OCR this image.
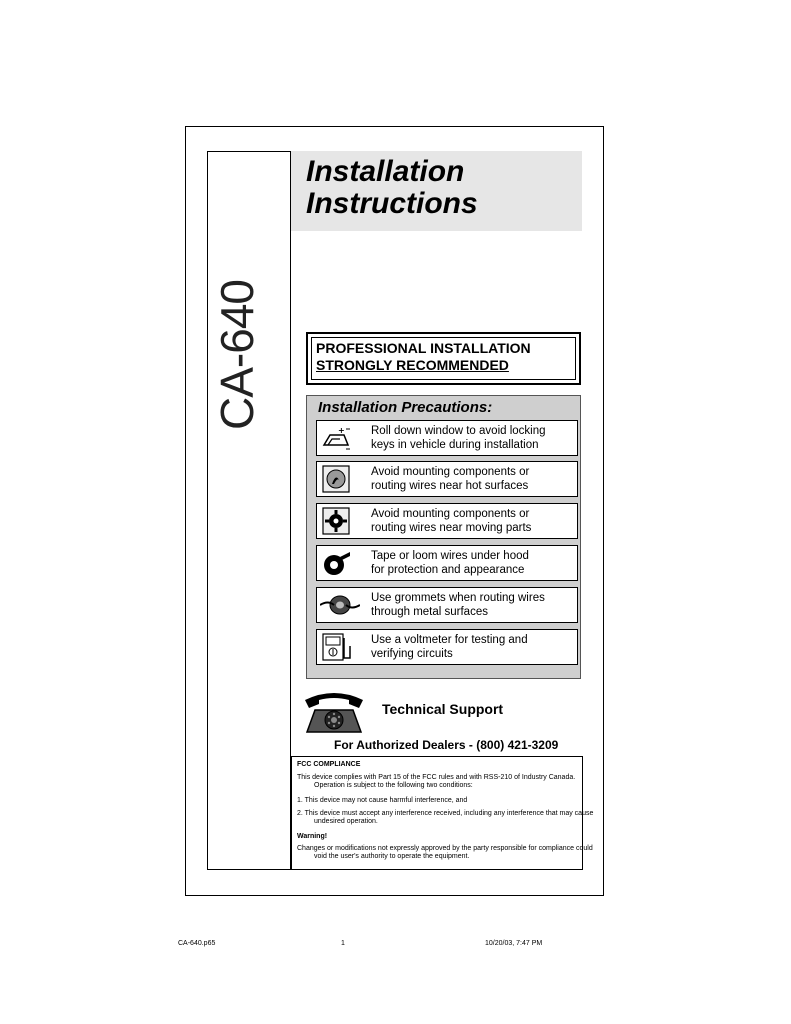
CA-640
Installation
Instructions
PROFESSIONAL INSTALLATION
STRONGLY RECOMMENDED
Installation Precautions:
+ Roll down window to avoid locking
keys in vehicle during installation
Avoid mounting components or
routing wires near hot surfaces
Avoid mounting components or
routing wires near moving parts
Tape or loom wires under hood
for protection and appearance
Use grommets when routing wires
through metal surfaces
Use a voltmeter for testing and
verifying circuits
Technical Support
For Authorized Dealers - (800) 421-3209
FCC COMPLIANCE
This device complies with Part 15 of the FCC rules and with RSS-210 of Industry Canada. Operation is subject to the following two conditions:
1. This device may not cause harmful interference, and
2. This device must accept any interference received, including any interference that may cause undesired operation.
Warning!
Changes or modifications not expressly approved by the party responsible for compliance could void the user's authority to operate the equipment.
CA-640.p65	1	10/20/03, 7:47 PM
